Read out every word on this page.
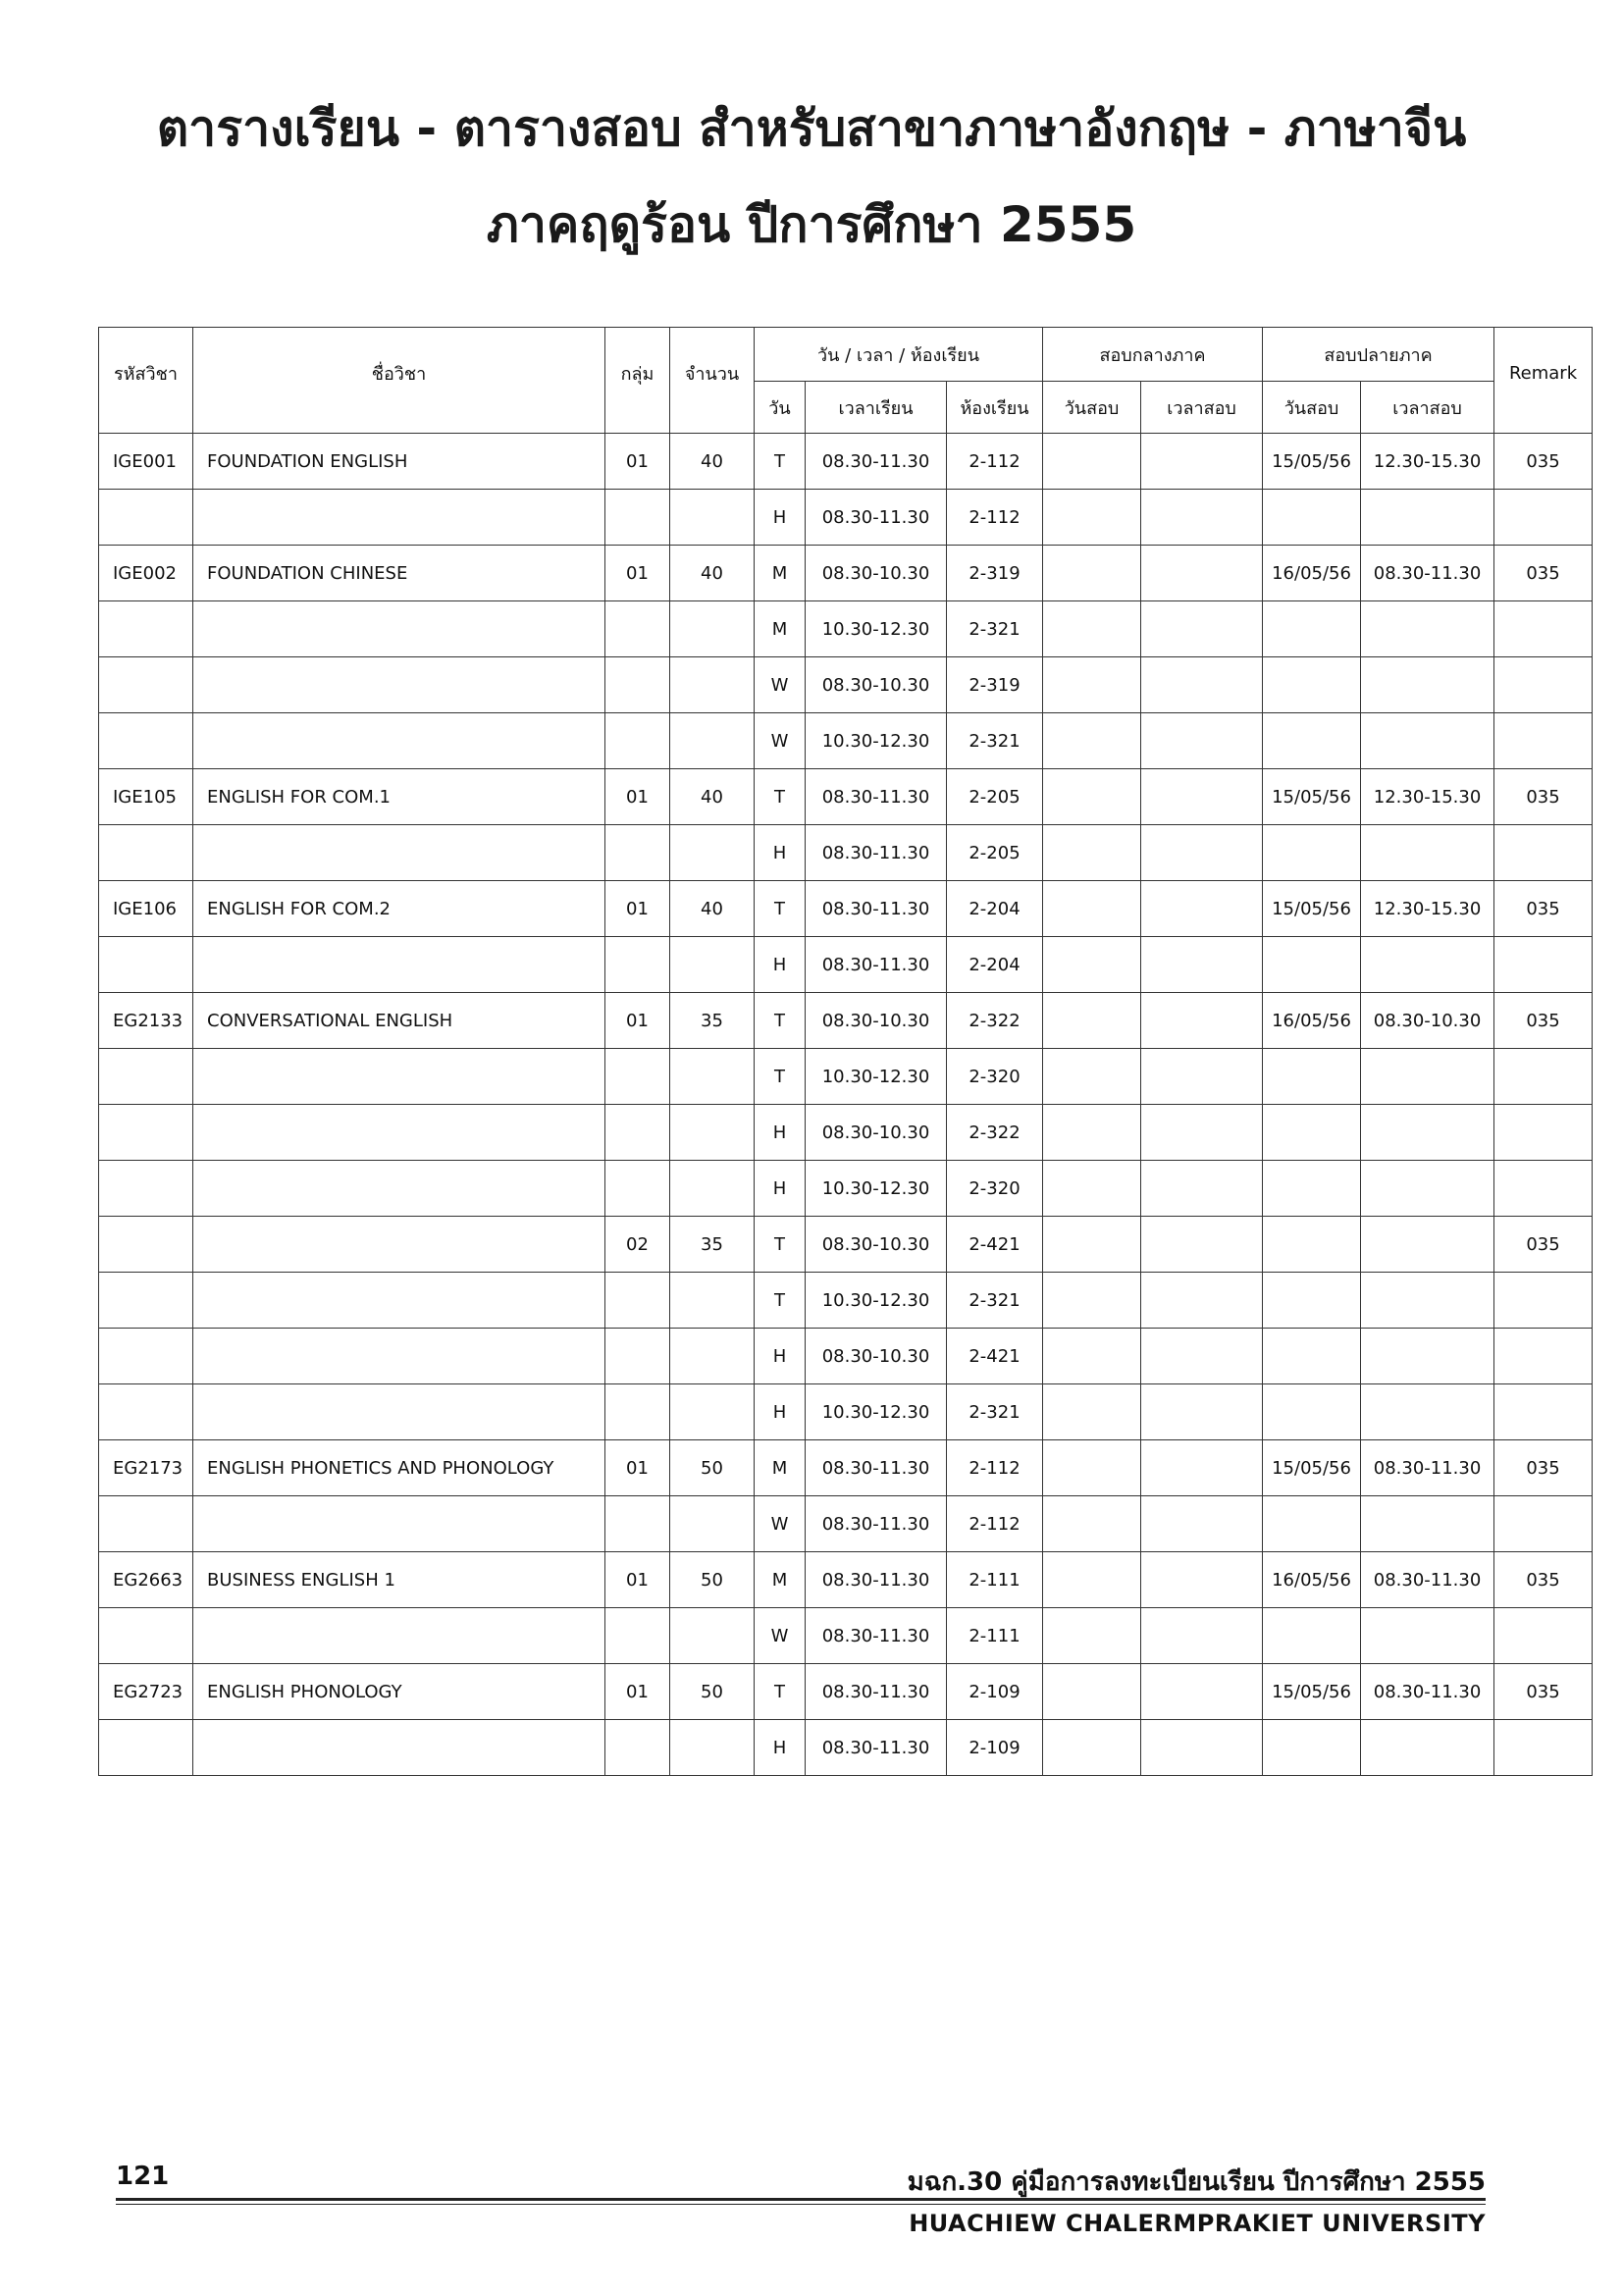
ตารางเรียน - ตารางสอบ สำหรับสาขาภาษาอังกฤษ - ภาษาจีน
ภาคฤดูร้อน ปีการศึกษา 2555
รหัสวิชา	ชื่อวิชา	กลุ่ม	จำนวน	วัน / เวลา / ห้องเรียน			สอบกลางภาค		สอบปลายภาค		Remark
				วัน	เวลาเรียน	ห้องเรียน	วันสอบ	เวลาสอบ	วันสอบ	เวลาสอบ	
IGE001	FOUNDATION ENGLISH	01	40	T	08.30-11.30	2-112			15/05/56	12.30-15.30	035
				H	08.30-11.30	2-112					
IGE002	FOUNDATION CHINESE	01	40	M	08.30-10.30	2-319			16/05/56	08.30-11.30	035
				M	10.30-12.30	2-321					
				W	08.30-10.30	2-319					
				W	10.30-12.30	2-321					
IGE105	ENGLISH FOR COM.1	01	40	T	08.30-11.30	2-205			15/05/56	12.30-15.30	035
				H	08.30-11.30	2-205					
IGE106	ENGLISH FOR COM.2	01	40	T	08.30-11.30	2-204			15/05/56	12.30-15.30	035
				H	08.30-11.30	2-204					
EG2133	CONVERSATIONAL ENGLISH	01	35	T	08.30-10.30	2-322			16/05/56	08.30-10.30	035
				T	10.30-12.30	2-320					
				H	08.30-10.30	2-322					
				H	10.30-12.30	2-320					
		02	35	T	08.30-10.30	2-421					035
				T	10.30-12.30	2-321					
				H	08.30-10.30	2-421					
				H	10.30-12.30	2-321					
EG2173	ENGLISH PHONETICS AND PHONOLOGY	01	50	M	08.30-11.30	2-112			15/05/56	08.30-11.30	035
				W	08.30-11.30	2-112					
EG2663	BUSINESS ENGLISH 1	01	50	M	08.30-11.30	2-111			16/05/56	08.30-11.30	035
				W	08.30-11.30	2-111					
EG2723	ENGLISH PHONOLOGY	01	50	T	08.30-11.30	2-109			15/05/56	08.30-11.30	035
				H	08.30-11.30	2-109					
121	มฉก.30 คู่มือการลงทะเบียนเรียน ปีการศึกษา 2555
HUACHIEW CHALERMPRAKIET UNIVERSITY
